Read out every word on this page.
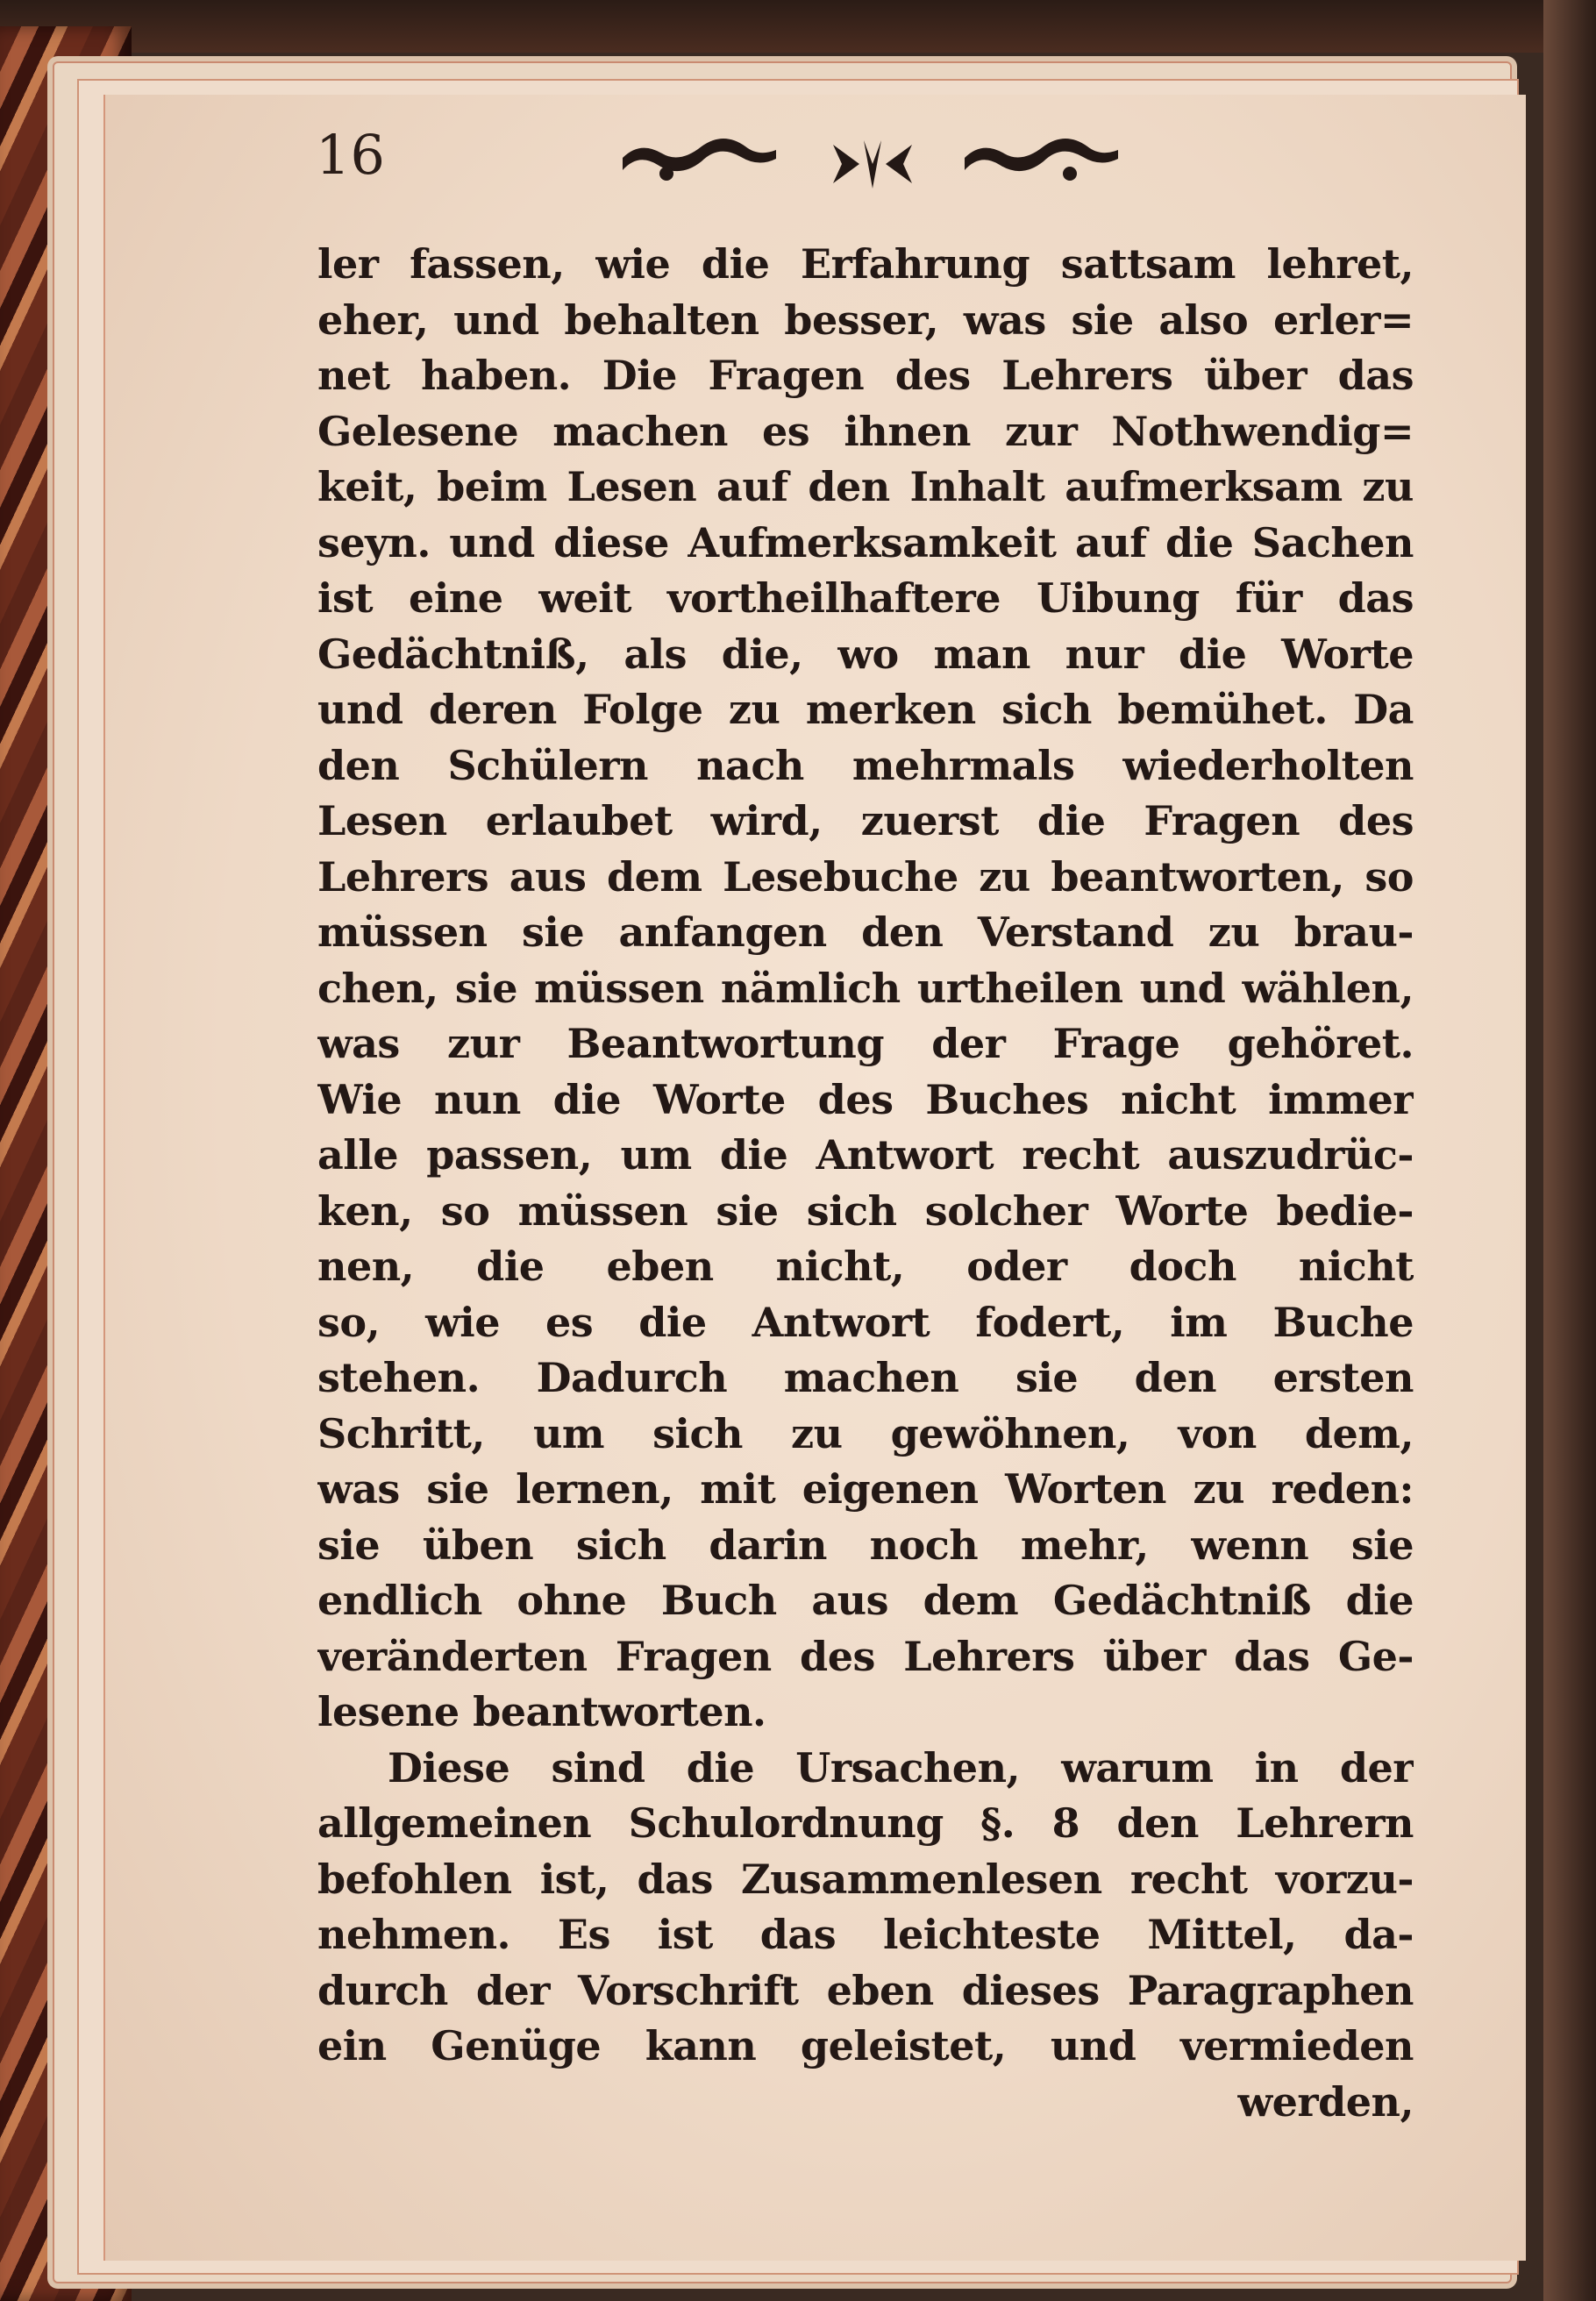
16
ler fassen, wie die Erfahrung sattsam lehret,
eher, und behalten besser, was sie also erler=
net haben. Die Fragen des Lehrers über das
Gelesene machen es ihnen zur Nothwendig=
keit, beim Lesen auf den Inhalt aufmerksam zu
seyn. und diese Aufmerksamkeit auf die Sachen
ist eine weit vortheilhaftere Uibung für das
Gedächtniß, als die, wo man nur die Worte
und deren Folge zu merken sich bemühet. Da
den Schülern nach mehrmals wiederholten
Lesen erlaubet wird, zuerst die Fragen des
Lehrers aus dem Lesebuche zu beantworten, so
müssen sie anfangen den Verstand zu brau-
chen, sie müssen nämlich urtheilen und wählen,
was zur Beantwortung der Frage gehöret.
Wie nun die Worte des Buches nicht immer
alle passen, um die Antwort recht auszudrüc-
ken, so müssen sie sich solcher Worte bedie-
nen, die eben nicht, oder doch nicht
so, wie es die Antwort fodert, im Buche
stehen. Dadurch machen sie den ersten
Schritt, um sich zu gewöhnen, von dem,
was sie lernen, mit eigenen Worten zu reden:
sie üben sich darin noch mehr, wenn sie
endlich ohne Buch aus dem Gedächtniß die
veränderten Fragen des Lehrers über das Ge-
lesene beantworten.
Diese sind die Ursachen, warum in der
allgemeinen Schulordnung §. 8 den Lehrern
befohlen ist, das Zusammenlesen recht vorzu-
nehmen. Es ist das leichteste Mittel, da-
durch der Vorschrift eben dieses Paragraphen
ein Genüge kann geleistet, und vermieden
werden,
